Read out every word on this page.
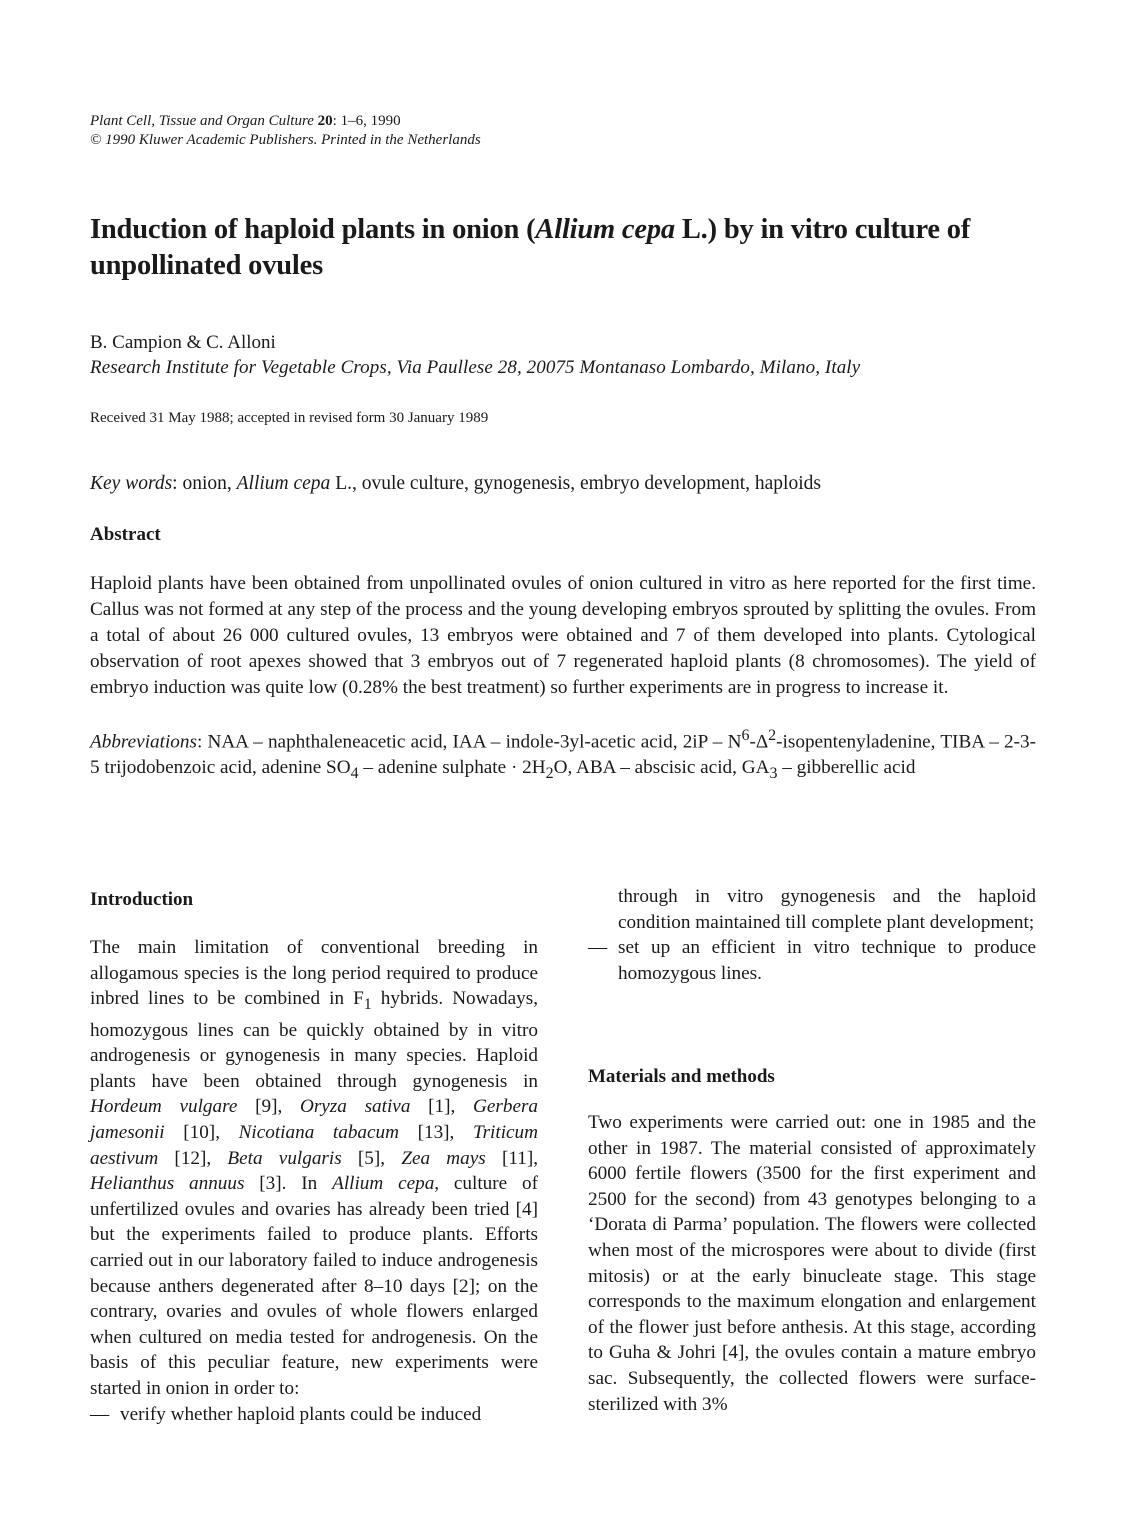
Plant Cell, Tissue and Organ Culture 20: 1–6, 1990
© 1990 Kluwer Academic Publishers. Printed in the Netherlands
Induction of haploid plants in onion (Allium cepa L.) by in vitro culture of unpollinated ovules
B. Campion & C. Alloni
Research Institute for Vegetable Crops, Via Paullese 28, 20075 Montanaso Lombardo, Milano, Italy
Received 31 May 1988; accepted in revised form 30 January 1989
Key words: onion, Allium cepa L., ovule culture, gynogenesis, embryo development, haploids
Abstract

Haploid plants have been obtained from unpollinated ovules of onion cultured in vitro as here reported for the first time. Callus was not formed at any step of the process and the young developing embryos sprouted by splitting the ovules. From a total of about 26 000 cultured ovules, 13 embryos were obtained and 7 of them developed into plants. Cytological observation of root apexes showed that 3 embryos out of 7 regenerated haploid plants (8 chromosomes). The yield of embryo induction was quite low (0.28% the best treatment) so further experiments are in progress to increase it.

Abbreviations: NAA – naphthaleneacetic acid, IAA – indole-3yl-acetic acid, $2iP - N^6-\Delta^2$-isopentenyladenine, TIBA – 2-3-5 trijodobenzoic acid, adenine $SO_4$ – adenine sulphate · $2H_2O$, ABA – abscisic acid, $GA_3$ – gibberellic acid

Introduction

The main limitation of conventional breeding in allogamous species is the long period required to produce inbred lines to be combined in $F_1$ hybrids. Nowadays, homozygous lines can be quickly obtained by in vitro androgenesis or gynogenesis in many species. Haploid plants have been obtained through gynogenesis in Hordeum vulgare [9], Oryza sativa [1], Gerbera jamesonii [10], Nicotiana tabacum [13], Triticum aestivum [12], Beta vulgaris [5], Zea mays [11], Helianthus annuus [3]. In Allium cepa, culture of unfertilized ovules and ovaries has already been tried [4] but the experiments failed to produce plants. Efforts carried out in our laboratory failed to induce androgenesis because anthers degenerated after 8–10 days [2]; on the contrary, ovaries and ovules of whole flowers enlarged when cultured on media tested for androgenesis. On the basis of this peculiar feature, new experiments were started in onion in order to:

— verify whether haploid plants could be induced
through in vitro gynogenesis and the haploid condition maintained till complete plant development;
— set up an efficient in vitro technique to produce homozygous lines.
Materials and methods

Two experiments were carried out: one in 1985 and the other in 1987. The material consisted of approximately 6000 fertile flowers (3500 for the first experiment and 2500 for the second) from 43 genotypes belonging to a ‘Dorata di Parma’ population. The flowers were collected when most of the microspores were about to divide (first mitosis) or at the early binucleate stage. This stage corresponds to the maximum elongation and enlargement of the flower just before anthesis. At this stage, according to Guha & Johri [4], the ovules contain a mature embryo sac. Subsequently, the collected flowers were surface-sterilized with 3%
